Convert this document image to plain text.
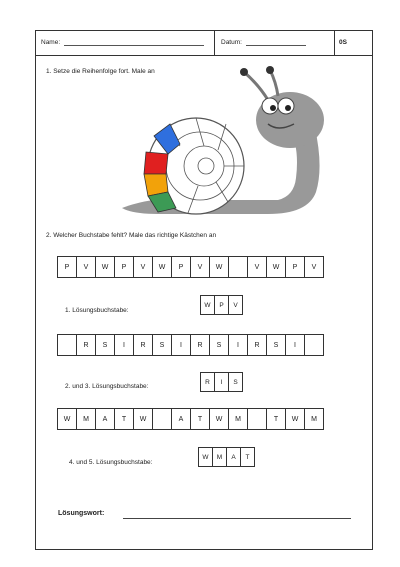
Name:	Datum:	0S
1. Setze die Reihenfolge fort. Male an
2. Welcher Buchstabe fehlt? Male das richtige Kästchen an
P	V	W	P	V	W	P	V	W	V	W	P	V
1. Lösungsbuchstabe:
W	P	V
R	S	I	R	S	I	R	S	I	R	S	I
2. und 3. Lösungsbuchstabe:
R	I	S
W	M	A	T	W	A	T	W	M	T	W	M
4. und 5. Lösungsbuchstabe:
W	M	A	T
Lösungswort:
